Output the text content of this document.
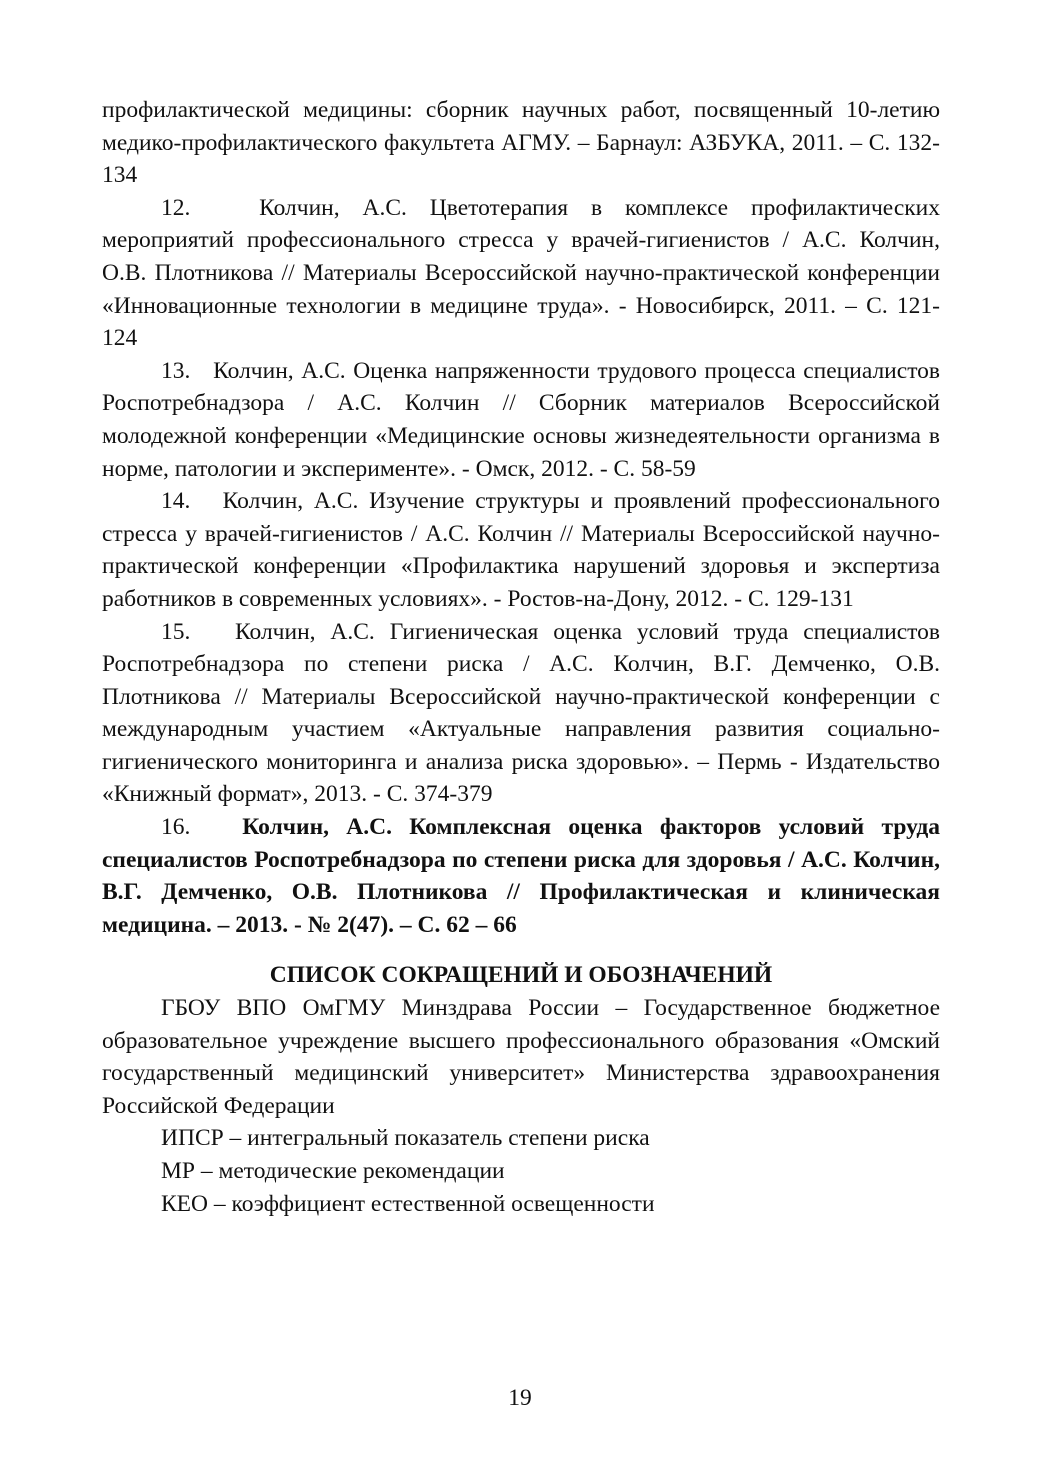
профилактической медицины: сборник научных работ, посвященный 10-летию медико-профилактического факультета АГМУ. – Барнаул: АЗБУКА, 2011. – С. 132-134

12.	Колчин, А.С. Цветотерапия в комплексе профилактических мероприятий профессионального стресса у врачей-гигиенистов / А.С. Колчин, О.В. Плотникова // Материалы Всероссийской научно-практической конференции «Инновационные технологии в медицине труда». - Новосибирск, 2011. – С. 121-124

13. Колчин, А.С. Оценка напряженности трудового процесса специалистов Роспотребнадзора / А.С. Колчин // Сборник материалов Всероссийской молодежной конференции «Медицинские основы жизнедеятельности организма в норме, патологии и эксперименте». - Омск, 2012. - С. 58-59

14. Колчин, А.С. Изучение структуры и проявлений профессионального стресса у врачей-гигиенистов / А.С. Колчин // Материалы Всероссийской научно-практической конференции «Профилактика нарушений здоровья и экспертиза работников в современных условиях». - Ростов-на-Дону, 2012. - С. 129-131

15. Колчин, А.С. Гигиеническая оценка условий труда специалистов Роспотребнадзора по степени риска / А.С. Колчин, В.Г. Демченко, О.В. Плотникова // Материалы Всероссийской научно-практической конференции с международным участием «Актуальные направления развития социально-гигиенического мониторинга и анализа риска здоровью». – Пермь - Издательство «Книжный формат», 2013. - С. 374-379

16. Колчин, А.С. Комплексная оценка факторов условий труда специалистов Роспотребнадзора по степени риска для здоровья / А.С. Колчин, В.Г. Демченко, О.В. Плотникова // Профилактическая и клиническая медицина. – 2013. - № 2(47). – С. 62 – 66

СПИСОК СОКРАЩЕНИЙ И ОБОЗНАЧЕНИЙ

ГБОУ ВПО ОмГМУ Минздрава России – Государственное бюджетное образовательное учреждение высшего профессионального образования «Омский государственный медицинский университет» Министерства здравоохранения Российской Федерации

ИПСР – интегральный показатель степени риска

МР – методические рекомендации

КЕО – коэффициент естественной освещенности

19
